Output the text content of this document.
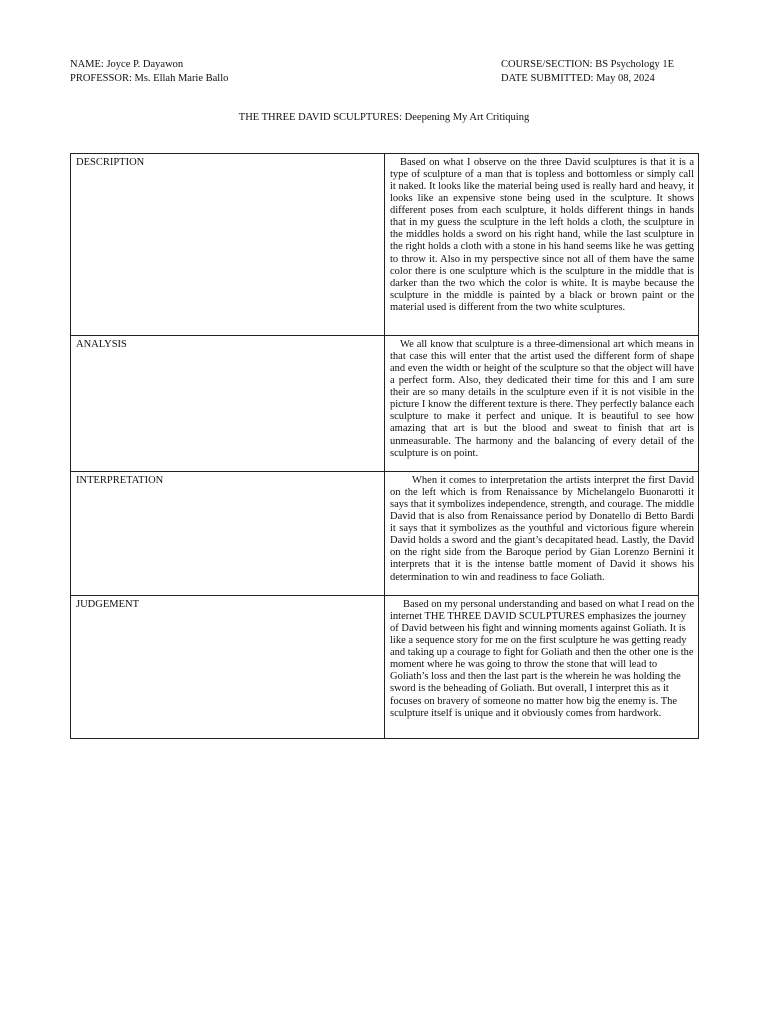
NAME: Joyce P. Dayawon
PROFESSOR: Ms. Ellah Marie Ballo
COURSE/SECTION: BS Psychology 1E
DATE SUBMITTED: May 08, 2024
THE THREE DAVID SCULPTURES: Deepening My Art Critiquing
DESCRIPTION	Based on what I observe on the three David sculptures is that it is a type of sculpture of a man that is topless and bottomless or simply call it naked. It looks like the material being used is really hard and heavy, it looks like an expensive stone being used in the sculpture. It shows different poses from each sculpture, it holds different things in hands that in my guess the sculpture in the left holds a cloth, the sculpture in the middles holds a sword on his right hand, while the last sculpture in the right holds a cloth with a stone in his hand seems like he was getting to throw it. Also in my perspective since not all of them have the same color there is one sculpture which is the sculpture in the middle that is darker than the two which the color is white. It is maybe because the sculpture in the middle is painted by a black or brown paint or the material used is different from the two white sculptures.
ANALYSIS	We all know that sculpture is a three-dimensional art which means in that case this will enter that the artist used the different form of shape and even the width or height of the sculpture so that the object will have a perfect form. Also, they dedicated their time for this and I am sure their are so many details in the sculpture even if it is not visible in the picture I know the different texture is there. They perfectly balance each sculpture to make it perfect and unique. It is beautiful to see how amazing that art is but the blood and sweat to finish that art is unmeasurable. The harmony and the balancing of every detail of the sculpture is on point.
INTERPRETATION	When it comes to interpretation the artists interpret the first David on the left which is from Renaissance by Michelangelo Buonarotti it says that it symbolizes independence, strength, and courage. The middle David that is also from Renaissance period by Donatello di Betto Bardi it says that it symbolizes as the youthful and victorious figure wherein David holds a sword and the giant’s decapitated head. Lastly, the David on the right side from the Baroque period by Gian Lorenzo Bernini it interprets that it is the intense battle moment of David it shows his determination to win and readiness to face Goliath.
JUDGEMENT	Based on my personal understanding and based on what I read on the internet THE THREE DAVID SCULPTURES emphasizes the journey of David between his fight and winning moments against Goliath. It is like a sequence story for me on the first sculpture he was getting ready and taking up a courage to fight for Goliath and then the other one is the moment where he was going to throw the stone that will lead to Goliath’s loss and then the last part is the wherein he was holding the sword is the beheading of Goliath. But overall, I interpret this as it focuses on bravery of someone no matter how big the enemy is. The sculpture itself is unique and it obviously comes from hardwork.
